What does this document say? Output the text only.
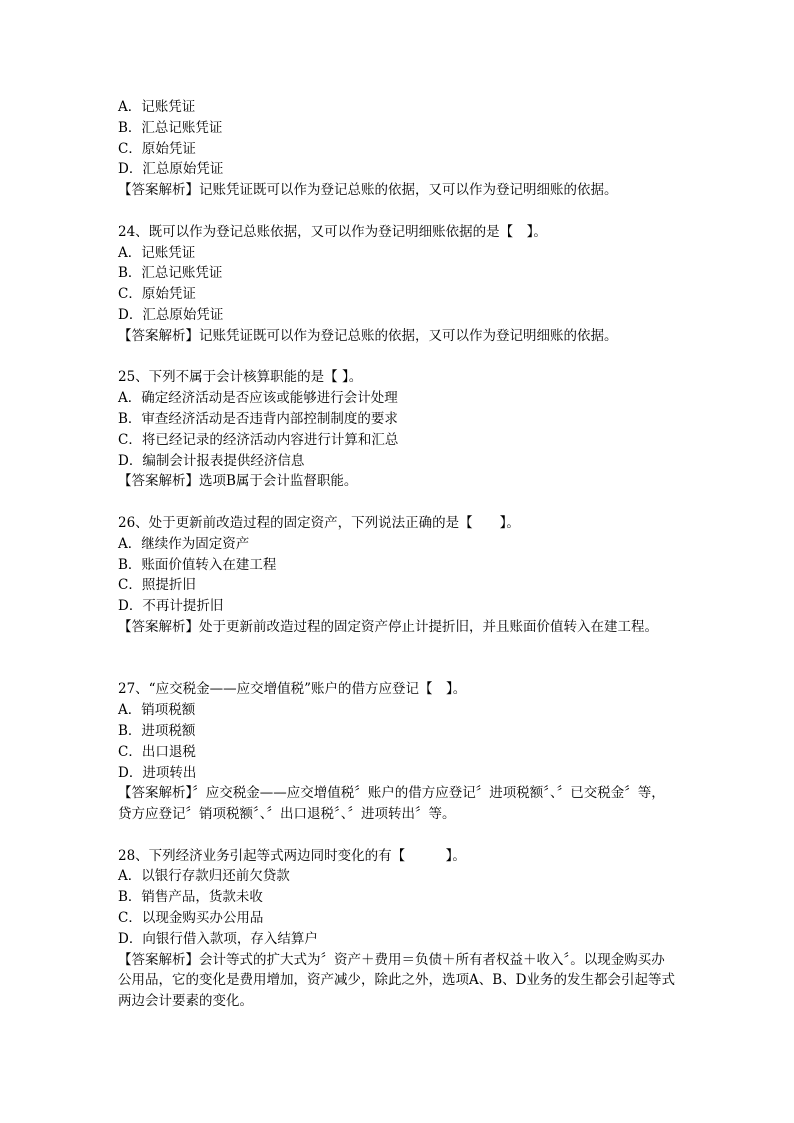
A．记账凭证
B．汇总记账凭证
C．原始凭证
D．汇总原始凭证
【答案解析】记账凭证既可以作为登记总账的依据，又可以作为登记明细账的依据。
24、既可以作为登记总账依据，又可以作为登记明细账依据的是【　】。
A．记账凭证
B．汇总记账凭证
C．原始凭证
D．汇总原始凭证
【答案解析】记账凭证既可以作为登记总账的依据，又可以作为登记明细账的依据。
25、下列不属于会计核算职能的是【 】。
A．确定经济活动是否应该或能够进行会计处理
B．审查经济活动是否违背内部控制制度的要求
C．将已经记录的经济活动内容进行计算和汇总
D．编制会计报表提供经济信息
【答案解析】选项B属于会计监督职能。
26、处于更新前改造过程的固定资产，下列说法正确的是【　　】。
A．继续作为固定资产
B．账面价值转入在建工程
C．照提折旧
D．不再计提折旧
【答案解析】处于更新前改造过程的固定资产停止计提折旧，并且账面价值转入在建工程。
27、“应交税金——应交增值税”账户的借方应登记【　】。
A．销项税额
B．进项税额
C．出口退税
D．进项转出
【答案解析】〞应交税金——应交增值税〞账户的借方应登记〞进项税额〞、〞已交税金〞等，贷方应登记〞销项税额〞、〞出口退税〞、〞进项转出〞等。
28、下列经济业务引起等式两边同时变化的有【　　　】。
A．以银行存款归还前欠贷款
B．销售产品，货款未收
C．以现金购买办公用品
D．向银行借入款项，存入结算户
【答案解析】会计等式的扩大式为〞资产＋费用＝负债＋所有者权益＋收入〞。以现金购买办公用品，它的变化是费用增加，资产减少，除此之外，选项A、B、D业务的发生都会引起等式两边会计要素的变化。
